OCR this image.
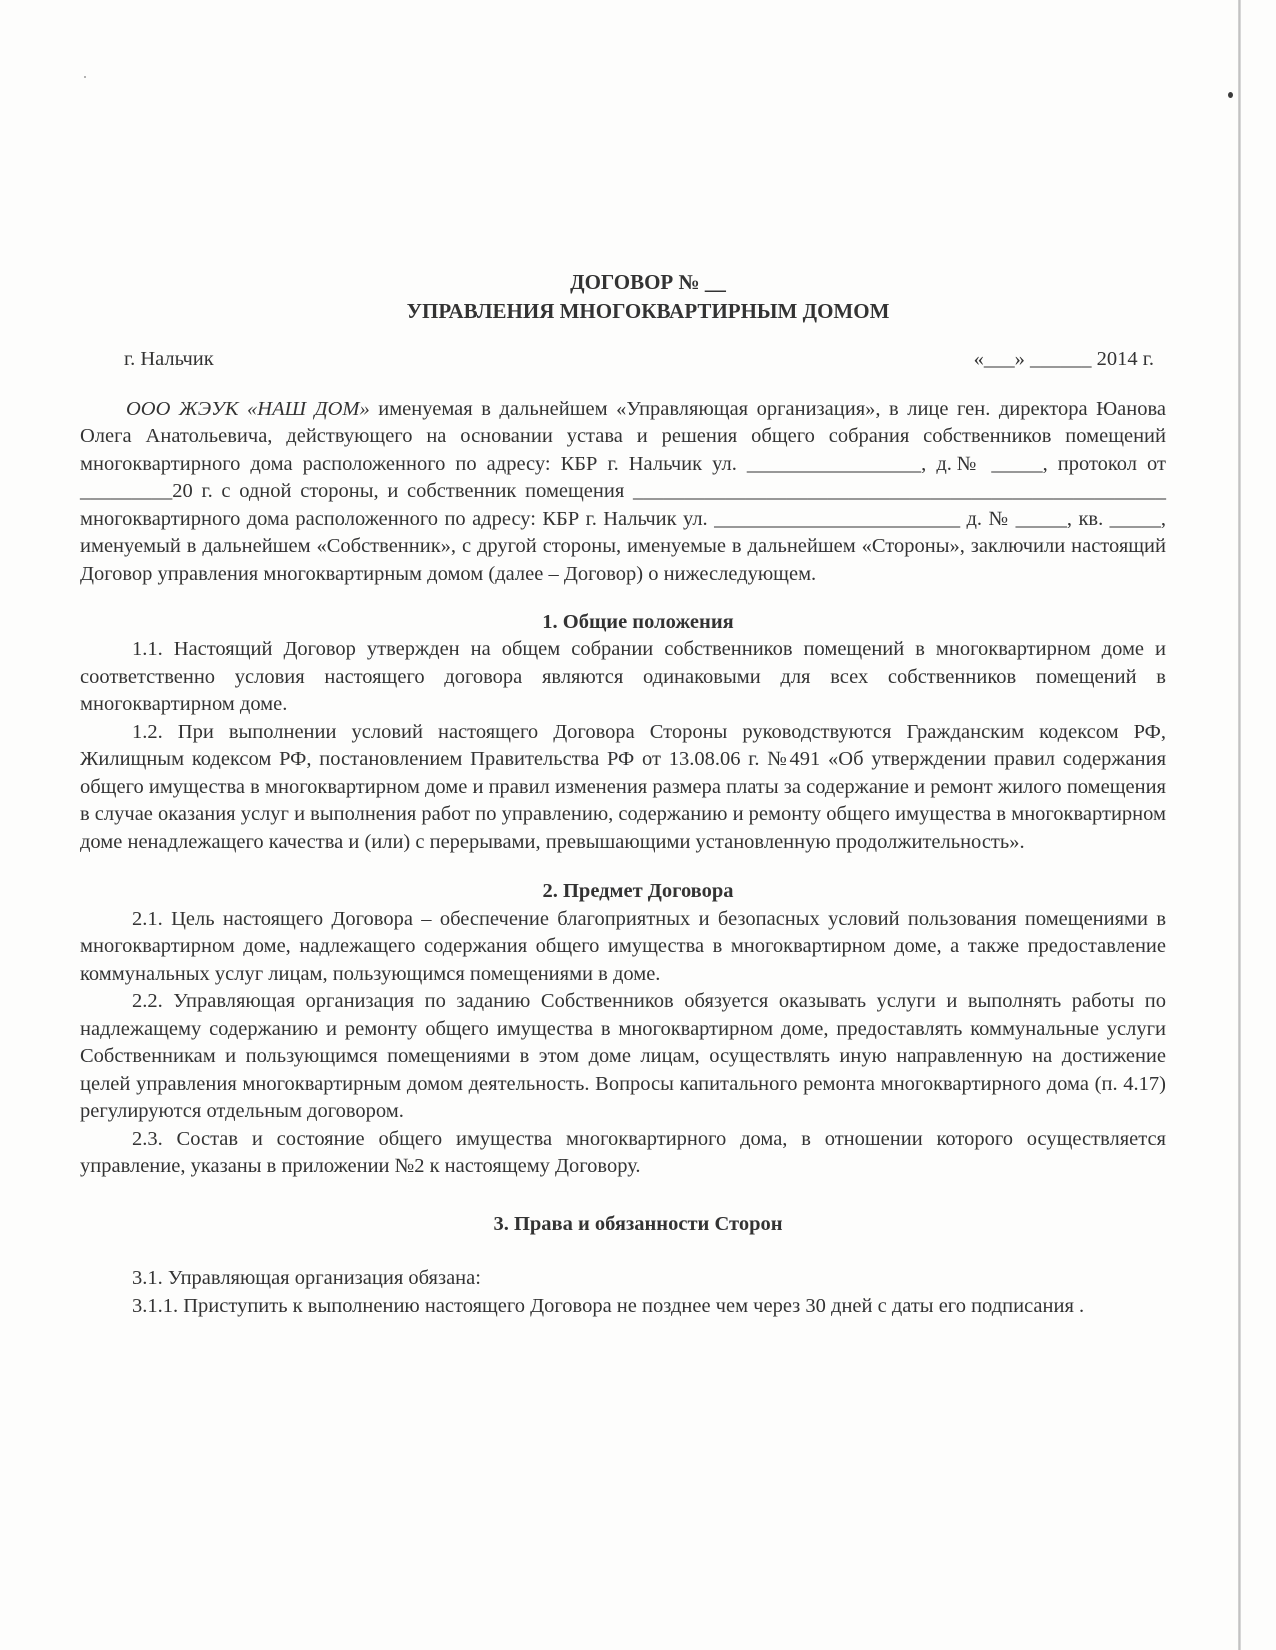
ДОГОВОР № __
УПРАВЛЕНИЯ МНОГОКВАРТИРНЫМ ДОМОМ
г. Нальчик	«___» ______ 2014 г.

ООО ЖЭУК «НАШ ДОМ» именуемая в дальнейшем «Управляющая организация», в лице ген. директора Юанова Олега Анатольевича, действующего на основании устава и решения общего собрания собственников помещений многоквартирного дома расположенного по адресу: КБР г. Нальчик ул. _________________, д.№ _____, протокол от _________20 г. с одной стороны, и собственник помещения ____________________________________________________ многоквартирного дома расположенного по адресу: КБР г. Нальчик ул. ________________________ д. № _____, кв. _____, именуемый в дальнейшем «Собственник», с другой стороны, именуемые в дальнейшем «Стороны», заключили настоящий Договор управления многоквартирным домом (далее – Договор) о нижеследующем.

1. Общие положения
1.1. Настоящий Договор утвержден на общем собрании собственников помещений в многоквартирном доме и соответственно условия настоящего договора являются одинаковыми для всех собственников помещений в многоквартирном доме.
1.2. При выполнении условий настоящего Договора Стороны руководствуются Гражданским кодексом РФ, Жилищным кодексом РФ, постановлением Правительства РФ от 13.08.06 г. №491 «Об утверждении правил содержания общего имущества в многоквартирном доме и правил изменения размера платы за содержание и ремонт жилого помещения в случае оказания услуг и выполнения работ по управлению, содержанию и ремонту общего имущества в многоквартирном доме ненадлежащего качества и (или) с перерывами, превышающими установленную продолжительность».
2. Предмет Договора
2.1. Цель настоящего Договора – обеспечение благоприятных и безопасных условий пользования помещениями в многоквартирном доме, надлежащего содержания общего имущества в многоквартирном доме, а также предоставление коммунальных услуг лицам, пользующимся помещениями в доме.
2.2. Управляющая организация по заданию Собственников обязуется оказывать услуги и выполнять работы по надлежащему содержанию и ремонту общего имущества в многоквартирном доме, предоставлять коммунальные услуги Собственникам и пользующимся помещениями в этом доме лицам, осуществлять иную направленную на достижение целей управления многоквартирным домом деятельность. Вопросы капитального ремонта многоквартирного дома (п. 4.17) регулируются отдельным договором.
2.3. Состав и состояние общего имущества многоквартирного дома, в отношении которого осуществляется управление, указаны в приложении №2 к настоящему Договору.
3. Права и обязанности Сторон
3.1. Управляющая организация обязана:
3.1.1. Приступить к выполнению настоящего Договора не позднее чем через 30 дней с даты его подписания .
